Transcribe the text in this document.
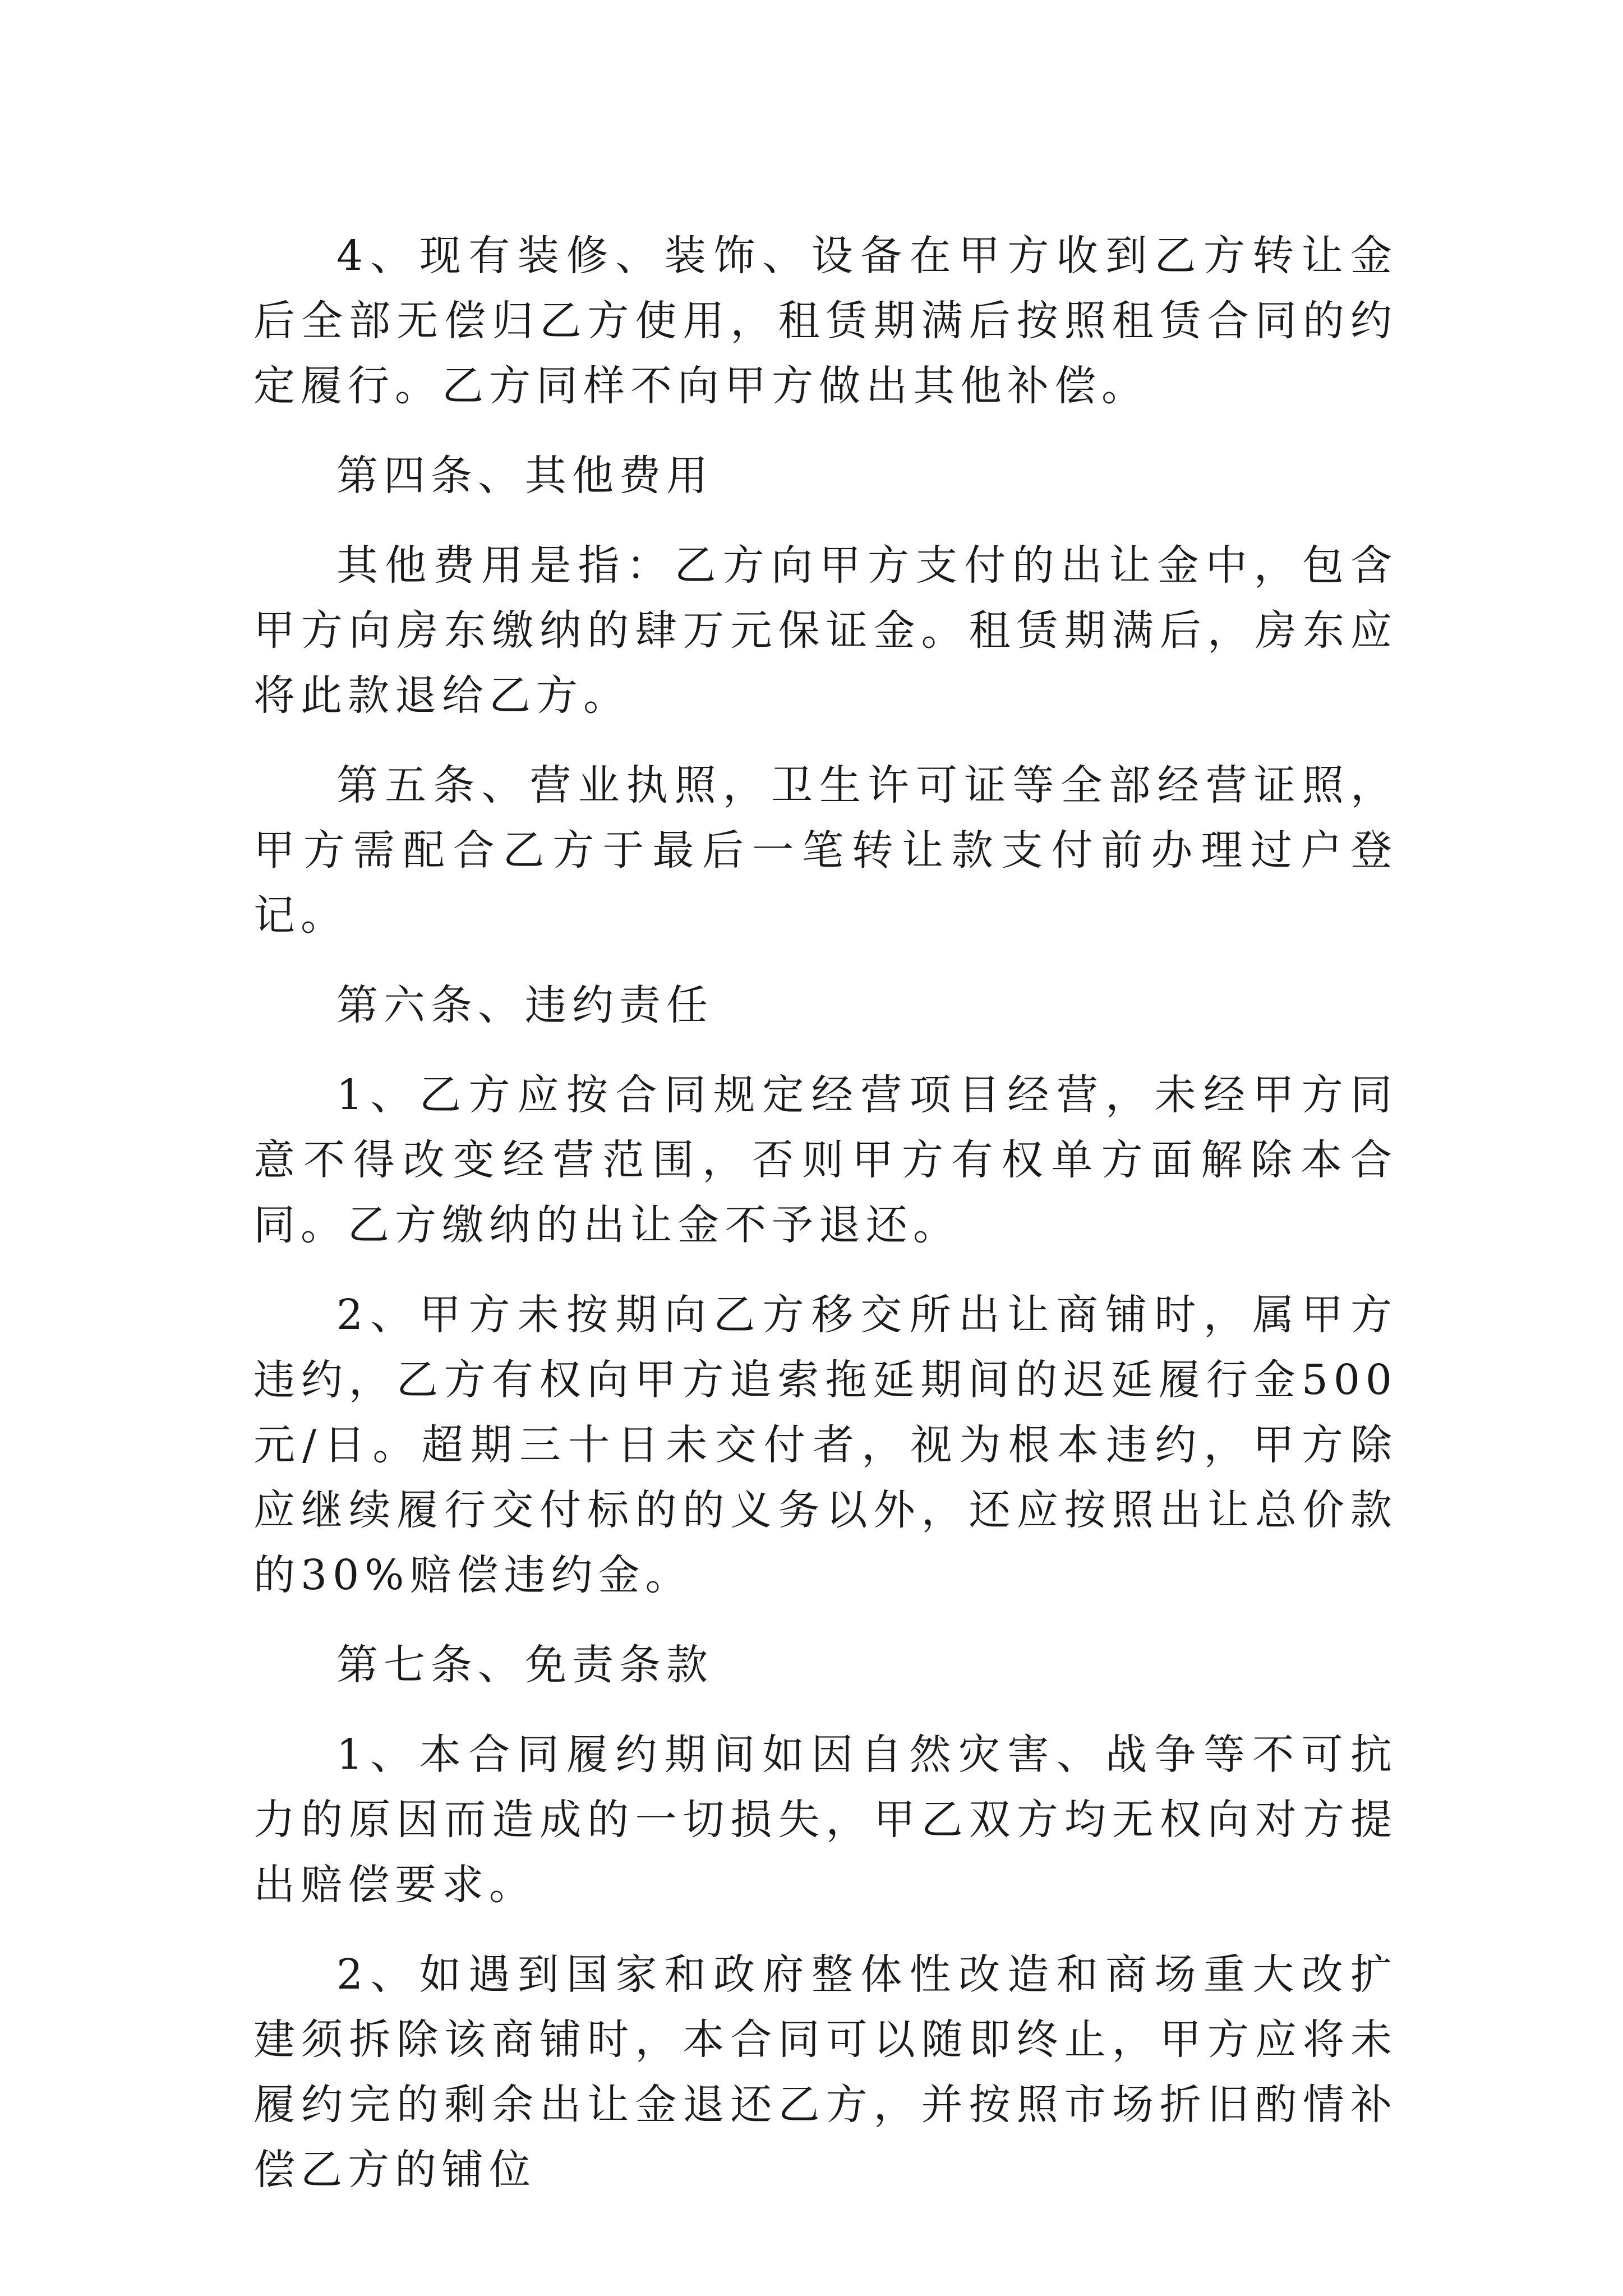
4、现有装修、装饰、设备在甲方收到乙方转让金后全部无偿归乙方使用，租赁期满后按照租赁合同的约定履行。乙方同样不向甲方做出其他补偿。

第四条、其他费用

其他费用是指：乙方向甲方支付的出让金中，包含甲方向房东缴纳的肆万元保证金。租赁期满后，房东应将此款退给乙方。

第五条、营业执照，卫生许可证等全部经营证照，甲方需配合乙方于最后一笔转让款支付前办理过户登记。

第六条、违约责任

1、乙方应按合同规定经营项目经营，未经甲方同意不得改变经营范围，否则甲方有权单方面解除本合同。乙方缴纳的出让金不予退还。

2、甲方未按期向乙方移交所出让商铺时，属甲方违约，乙方有权向甲方追索拖延期间的迟延履行金500元/日。超期三十日未交付者，视为根本违约，甲方除应继续履行交付标的的义务以外，还应按照出让总价款的30%赔偿违约金。

第七条、免责条款

1、本合同履约期间如因自然灾害、战争等不可抗力的原因而造成的一切损失，甲乙双方均无权向对方提出赔偿要求。

2、如遇到国家和政府整体性改造和商场重大改扩建须拆除该商铺时，本合同可以随即终止，甲方应将未履约完的剩余出让金退还乙方，并按照市场折旧酌情补偿乙方的铺位
